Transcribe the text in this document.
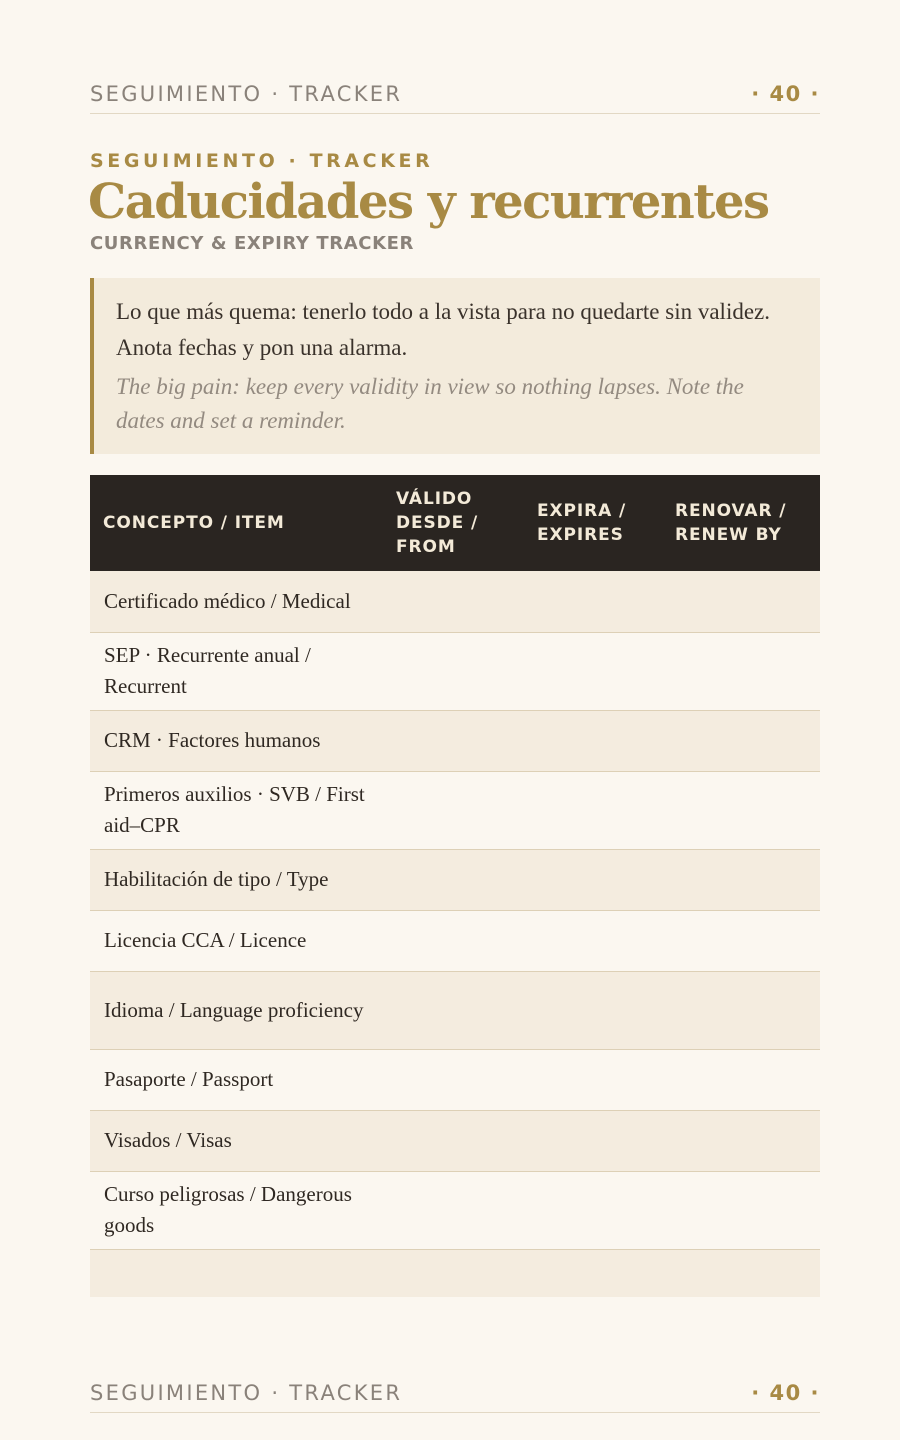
SEGUIMIENTO · TRACKER	· 40 ·
SEGUIMIENTO · TRACKER
Caducidades y recurrentes
CURRENCY & EXPIRY TRACKER

Lo que más quema: tenerlo todo a la vista para no quedarte sin validez. Anota fechas y pon una alarma.

The big pain: keep every validity in view so nothing lapses. Note the dates and set a reminder.

CONCEPTO / ITEM	VÁLIDO DESDE / FROM	EXPIRA / EXPIRES	RENOVAR / RENEW BY
Certificado médico / Medical			
SEP · Recurrente anual / Recurrent			
CRM · Factores humanos			
Primeros auxilios · SVB / First aid–CPR			
Habilitación de tipo / Type			
Licencia CCA / Licence			
Idioma / Language proficiency			
Pasaporte / Passport			
Visados / Visas			
Curso peligrosas / Dangerous goods			

SEGUIMIENTO · TRACKER	· 40 ·
